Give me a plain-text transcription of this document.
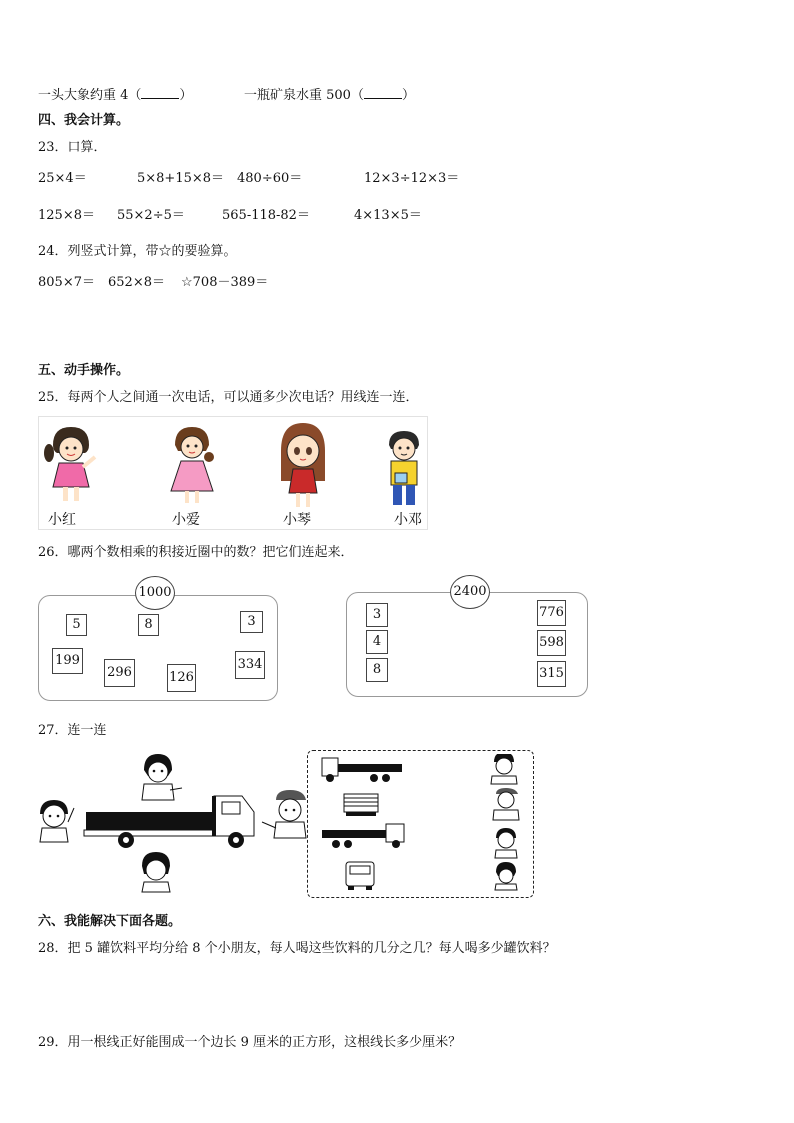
一头大象约重 4（	）	一瓶矿泉水重 500（	）
四、我会计算。
23．口算．
25×4＝	5×8+15×8＝ 480÷60＝	12×3÷12×3＝
125×8＝ 55×2÷5＝	565-118-82＝	4×13×5＝
24．列竖式计算，带☆的要验算。
805×7＝ 652×8＝ ☆708－389＝
五、动手操作。
25．每两个人之间通一次电话，可以通多少次电话？用线连一连．
小红	小爱	小琴	小邓
26．哪两个数相乘的积接近圈中的数？把它们连起来．
1000
5	8	3
199
296	126
334
2400
3
4
8
776
598
315
27．连一连
六、我能解决下面各题。
28．把 5 罐饮料平均分给 8 个小朋友，每人喝这些饮料的几分之几？每人喝多少罐饮料？
29．用一根线正好能围成一个边长 9 厘米的正方形，这根线长多少厘米？
